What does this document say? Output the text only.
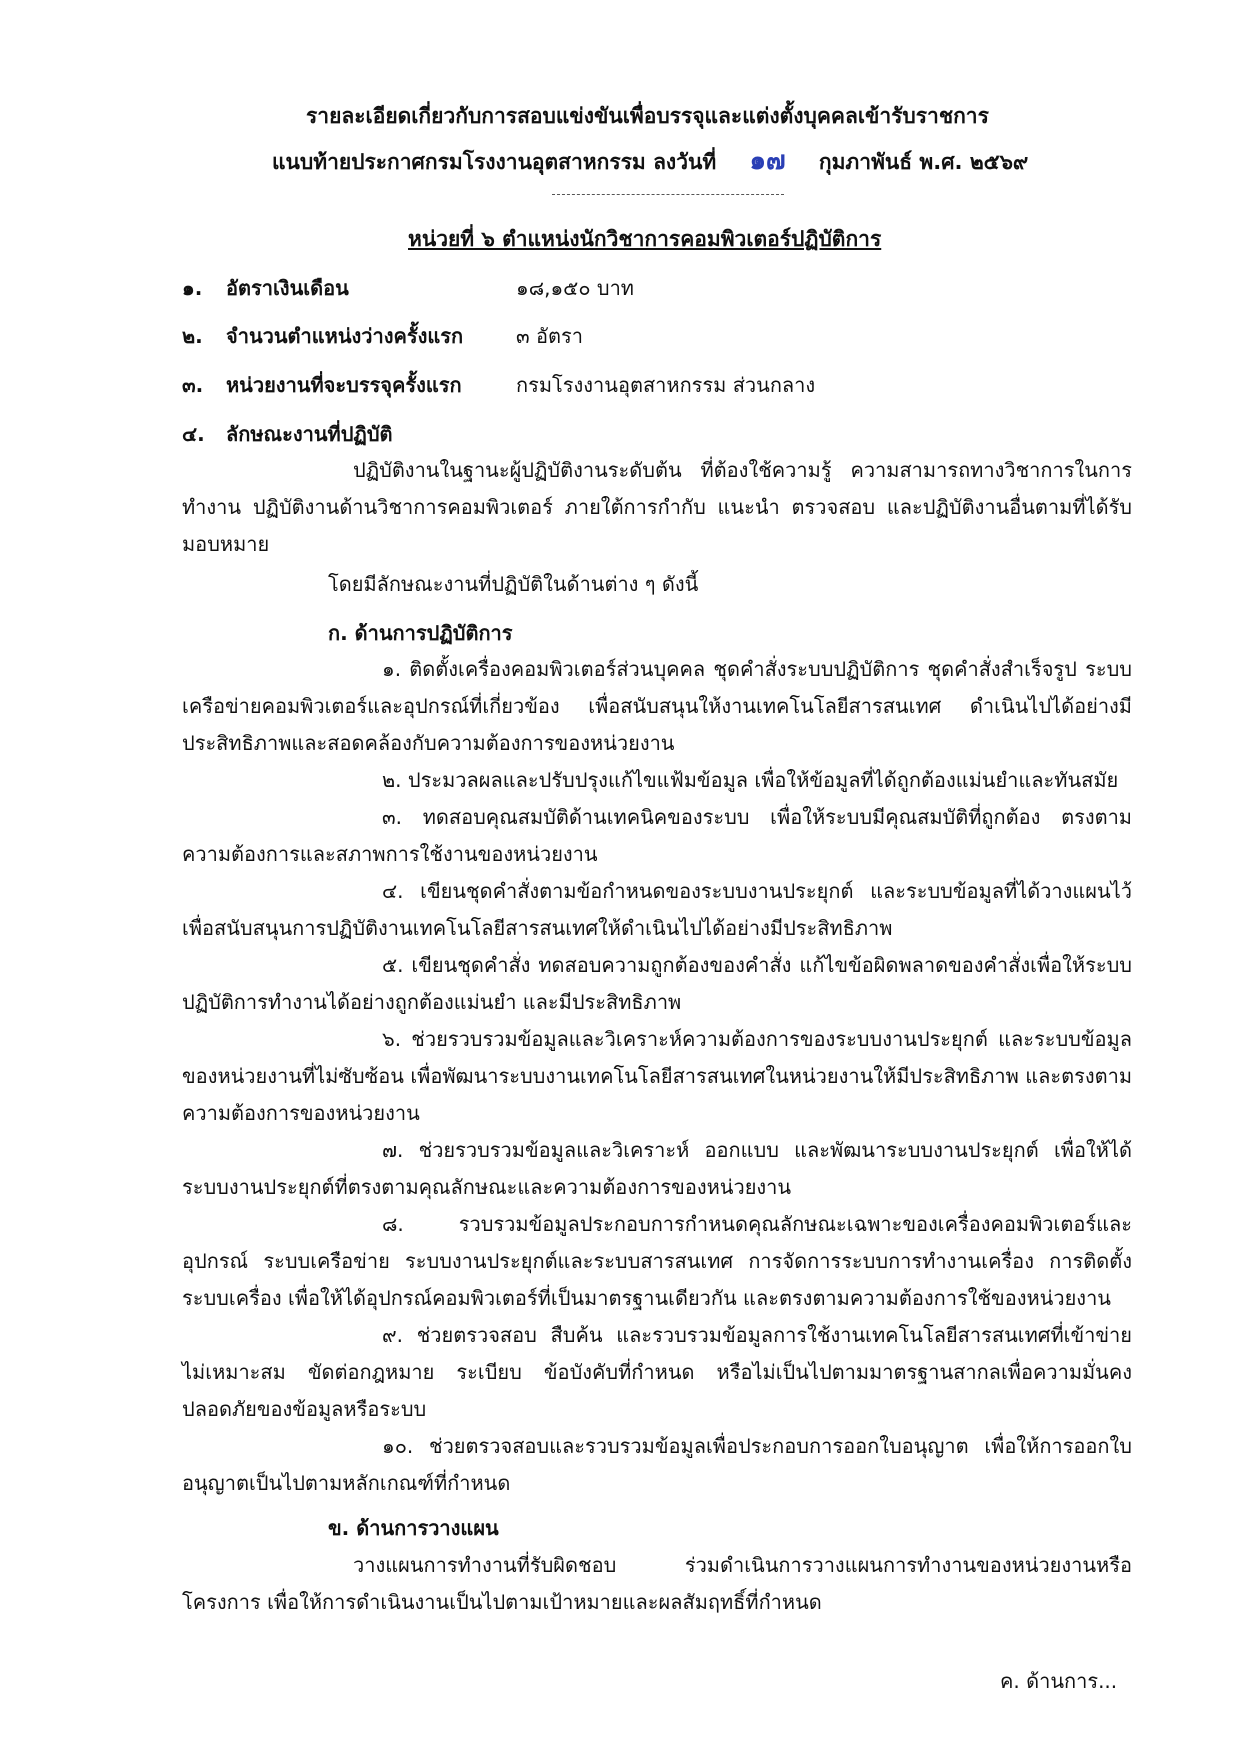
รายละเอียดเกี่ยวกับการสอบแข่งขันเพื่อบรรจุและแต่งตั้งบุคคลเข้ารับราชการ
แนบท้ายประกาศกรมโรงงานอุตสาหกรรม ลงวันที่ ๑๗ กุมภาพันธ์ พ.ศ. ๒๕๖๙
หน่วยที่ ๖ ตำแหน่งนักวิชาการคอมพิวเตอร์ปฏิบัติการ
๑. อัตราเงินเดือน	๑๘,๑๕๐ บาท
๒. จำนวนตำแหน่งว่างครั้งแรก	๓ อัตรา
๓. หน่วยงานที่จะบรรจุครั้งแรก	กรมโรงงานอุตสาหกรรม ส่วนกลาง
๔. ลักษณะงานที่ปฏิบัติ
ปฏิบัติงานในฐานะผู้ปฏิบัติงานระดับต้น ที่ต้องใช้ความรู้ ความสามารถทางวิชาการในการทำงาน ปฏิบัติงานด้านวิชาการคอมพิวเตอร์ ภายใต้การกำกับ แนะนำ ตรวจสอบ และปฏิบัติงานอื่นตามที่ได้รับมอบหมาย
โดยมีลักษณะงานที่ปฏิบัติในด้านต่าง ๆ ดังนี้
ก. ด้านการปฏิบัติการ
๑. ติดตั้งเครื่องคอมพิวเตอร์ส่วนบุคคล ชุดคำสั่งระบบปฏิบัติการ ชุดคำสั่งสำเร็จรูป ระบบเครือข่ายคอมพิวเตอร์และอุปกรณ์ที่เกี่ยวข้อง เพื่อสนับสนุนให้งานเทคโนโลยีสารสนเทศ ดำเนินไปได้อย่างมีประสิทธิภาพและสอดคล้องกับความต้องการของหน่วยงาน
๒. ประมวลผลและปรับปรุงแก้ไขแฟ้มข้อมูล เพื่อให้ข้อมูลที่ได้ถูกต้องแม่นยำและทันสมัย
๓. ทดสอบคุณสมบัติด้านเทคนิคของระบบ เพื่อให้ระบบมีคุณสมบัติที่ถูกต้อง ตรงตามความต้องการและสภาพการใช้งานของหน่วยงาน
๔. เขียนชุดคำสั่งตามข้อกำหนดของระบบงานประยุกต์ และระบบข้อมูลที่ได้วางแผนไว้ เพื่อสนับสนุนการปฏิบัติงานเทคโนโลยีสารสนเทศให้ดำเนินไปได้อย่างมีประสิทธิภาพ
๕. เขียนชุดคำสั่ง ทดสอบความถูกต้องของคำสั่ง แก้ไขข้อผิดพลาดของคำสั่งเพื่อให้ระบบปฏิบัติการทำงานได้อย่างถูกต้องแม่นยำ และมีประสิทธิภาพ
๖. ช่วยรวบรวมข้อมูลและวิเคราะห์ความต้องการของระบบงานประยุกต์ และระบบข้อมูลของหน่วยงานที่ไม่ซับซ้อน เพื่อพัฒนาระบบงานเทคโนโลยีสารสนเทศในหน่วยงานให้มีประสิทธิภาพ และตรงตามความต้องการของหน่วยงาน
๗. ช่วยรวบรวมข้อมูลและวิเคราะห์ ออกแบบ และพัฒนาระบบงานประยุกต์ เพื่อให้ได้ระบบงานประยุกต์ที่ตรงตามคุณลักษณะและความต้องการของหน่วยงาน
๘. รวบรวมข้อมูลประกอบการกำหนดคุณลักษณะเฉพาะของเครื่องคอมพิวเตอร์และอุปกรณ์ ระบบเครือข่าย ระบบงานประยุกต์และระบบสารสนเทศ การจัดการระบบการทำงานเครื่อง การติดตั้งระบบเครื่อง เพื่อให้ได้อุปกรณ์คอมพิวเตอร์ที่เป็นมาตรฐานเดียวกัน และตรงตามความต้องการใช้ของหน่วยงาน
๙. ช่วยตรวจสอบ สืบค้น และรวบรวมข้อมูลการใช้งานเทคโนโลยีสารสนเทศที่เข้าข่ายไม่เหมาะสม ขัดต่อกฎหมาย ระเบียบ ข้อบังคับที่กำหนด หรือไม่เป็นไปตามมาตรฐานสากลเพื่อความมั่นคงปลอดภัยของข้อมูลหรือระบบ
๑๐. ช่วยตรวจสอบและรวบรวมข้อมูลเพื่อประกอบการออกใบอนุญาต เพื่อให้การออกใบอนุญาตเป็นไปตามหลักเกณฑ์ที่กำหนด
ข. ด้านการวางแผน
วางแผนการทำงานที่รับผิดชอบ ร่วมดำเนินการวางแผนการทำงานของหน่วยงานหรือโครงการ เพื่อให้การดำเนินงานเป็นไปตามเป้าหมายและผลสัมฤทธิ์ที่กำหนด
ค. ด้านการ...
